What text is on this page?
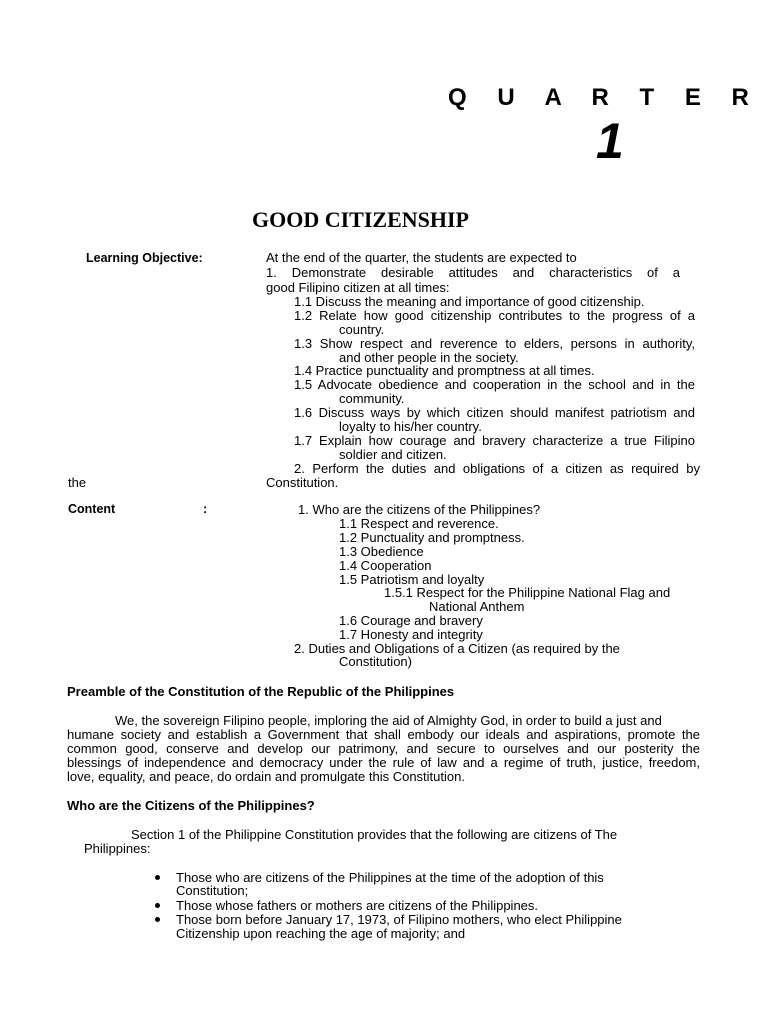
Q U A R T E R
1
GOOD CITIZENSHIP
Learning Objective:	At the end of the quarter, the students are expected to
1. Demonstrate desirable attitudes and characteristics of a
good Filipino citizen at all times:
1.1 Discuss the meaning and importance of good citizenship.
1.2 Relate how good citizenship contributes to the progress of a
country.
1.3 Show respect and reverence to elders, persons in authority,
and other people in the society.
1.4 Practice punctuality and promptness at all times.
1.5 Advocate obedience and cooperation in the school and in the
community.
1.6 Discuss ways by which citizen should manifest patriotism and
loyalty to his/her country.
1.7 Explain how courage and bravery characterize a true Filipino
soldier and citizen.
2. Perform the duties and obligations of a citizen as required by
the	Constitution.
Content	:	1. Who are the citizens of the Philippines?
1.1 Respect and reverence.
1.2 Punctuality and promptness.
1.3 Obedience
1.4 Cooperation
1.5 Patriotism and loyalty
1.5.1 Respect for the Philippine National Flag and
National Anthem
1.6 Courage and bravery
1.7 Honesty and integrity
2. Duties and Obligations of a Citizen (as required by the
Constitution)
Preamble of the Constitution of the Republic of the Philippines
We, the sovereign Filipino people, imploring the aid of Almighty God, in order to build a just and
humane society and establish a Government that shall embody our ideals and aspirations, promote the
common good, conserve and develop our patrimony, and secure to ourselves and our posterity the
blessings of independence and democracy under the rule of law and a regime of truth, justice, freedom,
love, equality, and peace, do ordain and promulgate this Constitution.
Who are the Citizens of the Philippines?
Section 1 of the Philippine Constitution provides that the following are citizens of The
Philippines:
Those who are citizens of the Philippines at the time of the adoption of this
Constitution;
Those whose fathers or mothers are citizens of the Philippines.
Those born before January 17, 1973, of Filipino mothers, who elect Philippine
Citizenship upon reaching the age of majority; and
